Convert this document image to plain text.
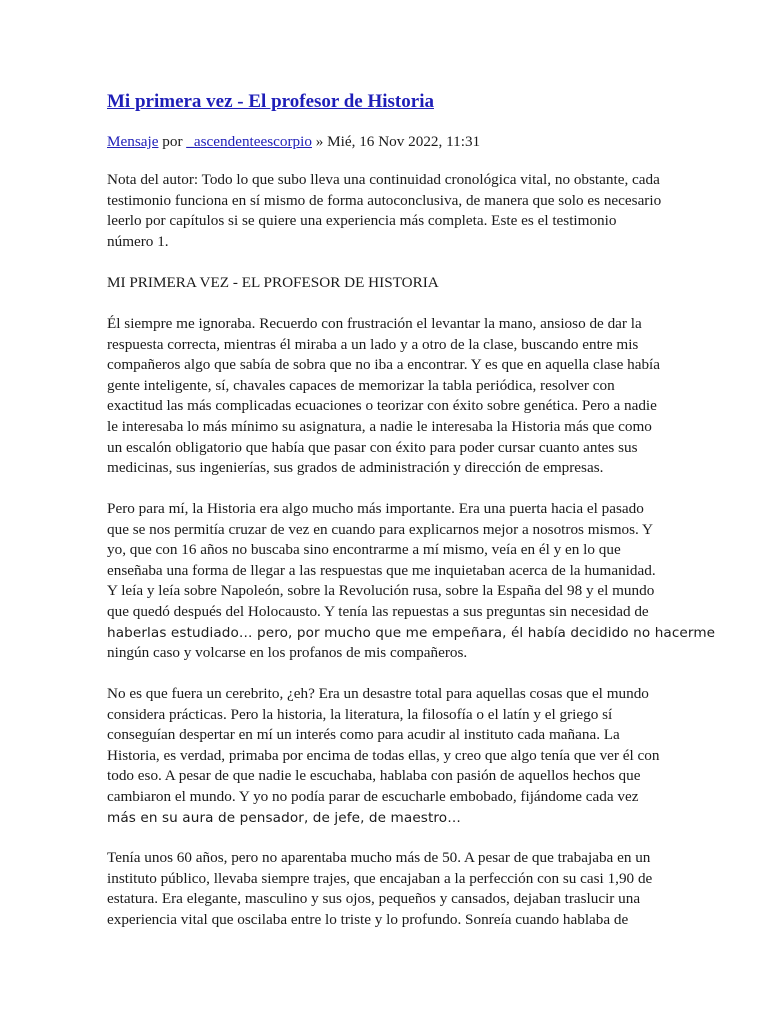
Mi primera vez - El profesor de Historia
Mensaje por _ascendenteescorpio » Mié, 16 Nov 2022, 11:31

Nota del autor: Todo lo que subo lleva una continuidad cronológica vital, no obstante, cada
testimonio funciona en sí mismo de forma autoconclusiva, de manera que solo es necesario
leerlo por capítulos si se quiere una experiencia más completa. Este es el testimonio
número 1.

MI PRIMERA VEZ - EL PROFESOR DE HISTORIA

Él siempre me ignoraba. Recuerdo con frustración el levantar la mano, ansioso de dar la
respuesta correcta, mientras él miraba a un lado y a otro de la clase, buscando entre mis
compañeros algo que sabía de sobra que no iba a encontrar. Y es que en aquella clase había
gente inteligente, sí, chavales capaces de memorizar la tabla periódica, resolver con
exactitud las más complicadas ecuaciones o teorizar con éxito sobre genética. Pero a nadie
le interesaba lo más mínimo su asignatura, a nadie le interesaba la Historia más que como
un escalón obligatorio que había que pasar con éxito para poder cursar cuanto antes sus
medicinas, sus ingenierías, sus grados de administración y dirección de empresas.

Pero para mí, la Historia era algo mucho más importante. Era una puerta hacia el pasado
que se nos permitía cruzar de vez en cuando para explicarnos mejor a nosotros mismos. Y
yo, que con 16 años no buscaba sino encontrarme a mí mismo, veía en él y en lo que
enseñaba una forma de llegar a las respuestas que me inquietaban acerca de la humanidad.
Y leía y leía sobre Napoleón, sobre la Revolución rusa, sobre la España del 98 y el mundo
que quedó después del Holocausto. Y tenía las repuestas a sus preguntas sin necesidad de
haberlas estudiado… pero, por mucho que me empeñara, él había decidido no hacerme
ningún caso y volcarse en los profanos de mis compañeros.

No es que fuera un cerebrito, ¿eh? Era un desastre total para aquellas cosas que el mundo
considera prácticas. Pero la historia, la literatura, la filosofía o el latín y el griego sí
conseguían despertar en mí un interés como para acudir al instituto cada mañana. La
Historia, es verdad, primaba por encima de todas ellas, y creo que algo tenía que ver él con
todo eso. A pesar de que nadie le escuchaba, hablaba con pasión de aquellos hechos que
cambiaron el mundo. Y yo no podía parar de escucharle embobado, fijándome cada vez
más en su aura de pensador, de jefe, de maestro…

Tenía unos 60 años, pero no aparentaba mucho más de 50. A pesar de que trabajaba en un
instituto público, llevaba siempre trajes, que encajaban a la perfección con su casi 1,90 de
estatura. Era elegante, masculino y sus ojos, pequeños y cansados, dejaban traslucir una
experiencia vital que oscilaba entre lo triste y lo profundo. Sonreía cuando hablaba de
